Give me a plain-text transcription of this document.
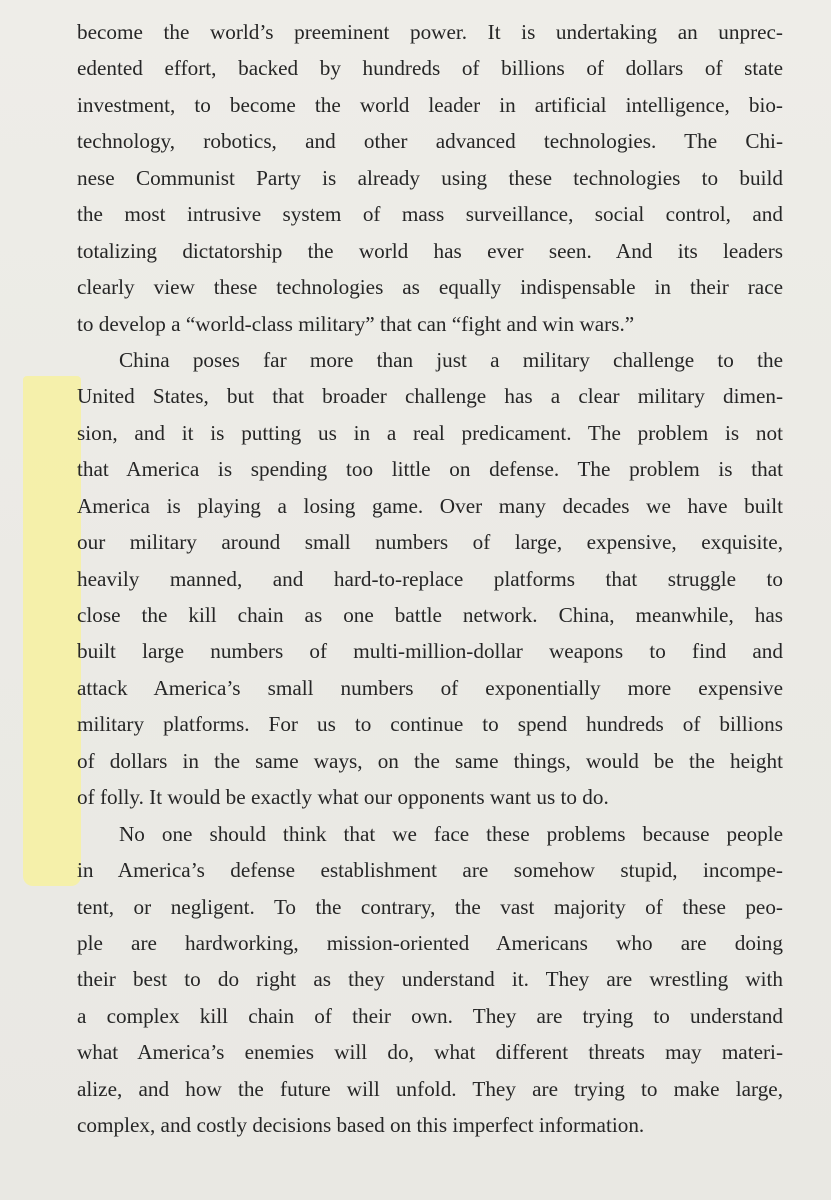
become the world’s preeminent power. It is undertaking an unprec-
edented effort, backed by hundreds of billions of dollars of state
investment, to become the world leader in artificial intelligence, bio-
technology, robotics, and other advanced technologies. The Chi-
nese Communist Party is already using these technologies to build
the most intrusive system of mass surveillance, social control, and
totalizing dictatorship the world has ever seen. And its leaders
clearly view these technologies as equally indispensable in their race
to develop a “world-class military” that can “fight and win wars.”
China poses far more than just a military challenge to the
United States, but that broader challenge has a clear military dimen-
sion, and it is putting us in a real predicament. The problem is not
that America is spending too little on defense. The problem is that
America is playing a losing game. Over many decades we have built
our military around small numbers of large, expensive, exquisite,
heavily manned, and hard-to-replace platforms that struggle to
close the kill chain as one battle network. China, meanwhile, has
built large numbers of multi-million-dollar weapons to find and
attack America’s small numbers of exponentially more expensive
military platforms. For us to continue to spend hundreds of billions
of dollars in the same ways, on the same things, would be the height
of folly. It would be exactly what our opponents want us to do.
No one should think that we face these problems because people
in America’s defense establishment are somehow stupid, incompe-
tent, or negligent. To the contrary, the vast majority of these peo-
ple are hardworking, mission-oriented Americans who are doing
their best to do right as they understand it. They are wrestling with
a complex kill chain of their own. They are trying to understand
what America’s enemies will do, what different threats may materi-
alize, and how the future will unfold. They are trying to make large,
complex, and costly decisions based on this imperfect information.
